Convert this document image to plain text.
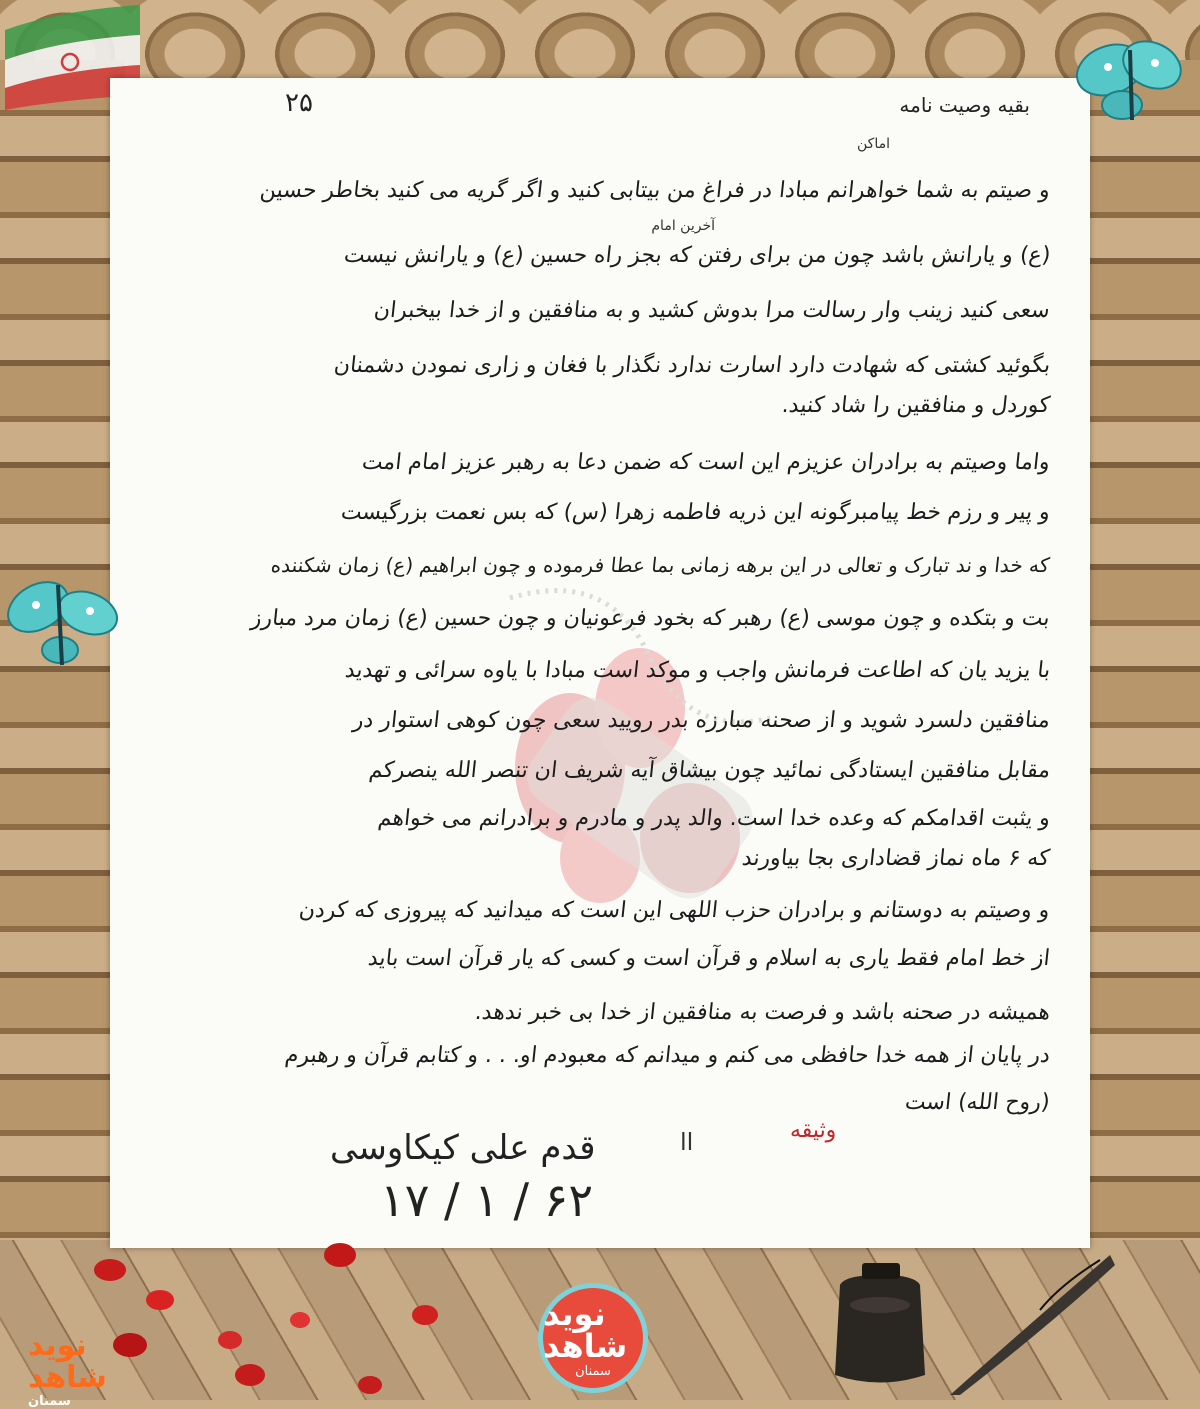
۲۵	بقیه وصیت نامه
اماکن
آخرین امام
و صیتم به شما خواهرانم مبادا در فراغ من بیتابی کنید و اگر گریه می کنید بخاطر حسین
(ع) و یارانش باشد چون من برای رفتن که بجز راه حسین (ع) و یارانش نیست
سعی کنید زینب وار رسالت مرا بدوش کشید و به منافقین و از خدا بیخبران
بگوئید کشتی که شهادت دارد اسارت ندارد نگذار با فغان و زاری نمودن دشمنان
کوردل و منافقین را شاد کنید.
واما وصیتم به برادران عزیزم این است که ضمن دعا به رهبر عزیز امام امت
و پیر و رزم خط پیامبرگونه این ذریه فاطمه زهرا (س) که بس نعمت بزرگیست
که خدا و ند تبارک و تعالی در این برهه زمانی بما عطا فرموده و چون ابراهیم (ع) زمان شکننده
بت و بتکده و چون موسی (ع) رهبر که بخود فرعونیان و چون حسین (ع) زمان مرد مبارز
با یزید یان که اطاعت فرمانش واجب و موکد است مبادا با یاوه سرائی و تهدید
منافقین دلسرد شوید و از صحنه مبارزه بدر رویید سعی چون کوهی استوار در
مقابل منافقین ایستادگی نمائید چون بیشاق آیه شریف ان تنصر الله ینصرکم
و یثبت اقدامکم که وعده خدا است. والد پدر و مادرم و برادرانم می خواهم
که ۶ ماه نماز قضاداری بجا بیاورند
و وصیتم به دوستانم و برادران حزب اللهی این است که میدانید که پیروزی که کردن
از خط امام فقط یاری به اسلام و قرآن است و کسی که یار قرآن است باید
همیشه در صحنه باشد و فرصت به منافقین از خدا بی خبر ندهد.
در پایان از همه خدا حافظی می کنم و میدانم که معبودم او. . . و کتابم قرآن و رهبرم
(روح الله) است
قدم علی کیکاوسی
۱۷ / ۱ / ۶۲
اا	وثیقه
نوید شاهد
سمنان
نوید شاهد
سمنان
